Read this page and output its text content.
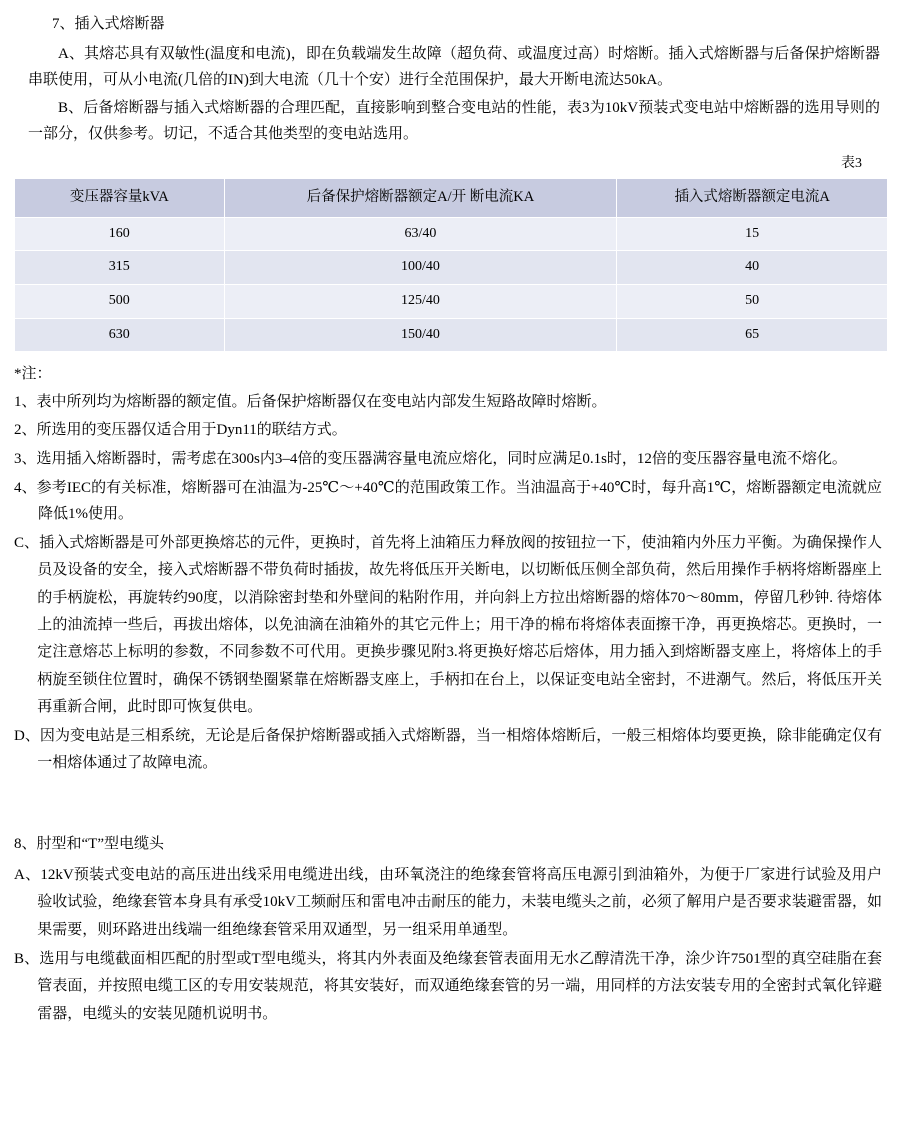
7、插入式熔断器

A、其熔芯具有双敏性(温度和电流)，即在负载端发生故障（超负荷、或温度过高）时熔断。插入式熔断器与后备保护熔断器串联使用，可从小电流(几倍的IN)到大电流（几十个安）进行全范围保护，最大开断电流达50kA。

B、后备熔断器与插入式熔断器的合理匹配，直接影响到整合变电站的性能，表3为10kV预装式变电站中熔断器的选用导则的一部分，仅供参考。切记，不适合其他类型的变电站选用。

表3
变压器容量kVA	后备保护熔断器额定A/开 断电流KA	插入式熔断器额定电流A
160	63/40	15
315	100/40	40
500	125/40	50
630	150/40	65
*注：
1、表中所列均为熔断器的额定值。后备保护熔断器仅在变电站内部发生短路故障时熔断。
2、所选用的变压器仅适合用于Dyn11的联结方式。
3、选用插入熔断器时，需考虑在300s内3–4倍的变压器满容量电流应熔化，同时应满足0.1s时，12倍的变压器容量电流不熔化。
4、参考IEC的有关标准，熔断器可在油温为-25℃～+40℃的范围政策工作。当油温高于+40℃时，每升高1℃，熔断器额定电流就应降低1%使用。
C、插入式熔断器是可外部更换熔芯的元件，更换时，首先将上油箱压力释放阀的按钮拉一下，使油箱内外压力平衡。为确保操作人员及设备的安全，接入式熔断器不带负荷时插拔，故先将低压开关断电，以切断低压侧全部负荷，然后用操作手柄将熔断器座上的手柄旋松，再旋转约90度，以消除密封垫和外壁间的粘附作用，并向斜上方拉出熔断器的熔体70～80mm，停留几秒钟. 待熔体上的油流掉一些后，再拔出熔体，以免油滴在油箱外的其它元件上；用干净的棉布将熔体表面擦干净，再更换熔芯。更换时，一定注意熔芯上标明的参数，不同参数不可代用。更换步骤见附3.将更换好熔芯后熔体，用力插入到熔断器支座上，将熔体上的手柄旋至锁住位置时，确保不锈钢垫圈紧靠在熔断器支座上，手柄扣在台上，以保证变电站全密封，不进潮气。然后，将低压开关再重新合闸，此时即可恢复供电。
D、因为变电站是三相系统，无论是后备保护熔断器或插入式熔断器，当一相熔体熔断后，一般三相熔体均要更换，除非能确定仅有一相熔体通过了故障电流。
8、肘型和“T”型电缆头
A、12kV预装式变电站的高压进出线采用电缆进出线，由环氧浇注的绝缘套管将高压电源引到油箱外，为便于厂家进行试验及用户验收试验，绝缘套管本身具有承受10kV工频耐压和雷电冲击耐压的能力，未装电缆头之前，必须了解用户是否要求装避雷器，如果需要，则环路进出线端一组绝缘套管采用双通型，另一组采用单通型。
B、选用与电缆截面相匹配的肘型或T型电缆头，将其内外表面及绝缘套管表面用无水乙醇清洗干净，涂少许7501型的真空硅脂在套管表面，并按照电缆工区的专用安装规范，将其安装好，而双通绝缘套管的另一端，用同样的方法安装专用的全密封式氧化锌避雷器，电缆头的安装见随机说明书。
